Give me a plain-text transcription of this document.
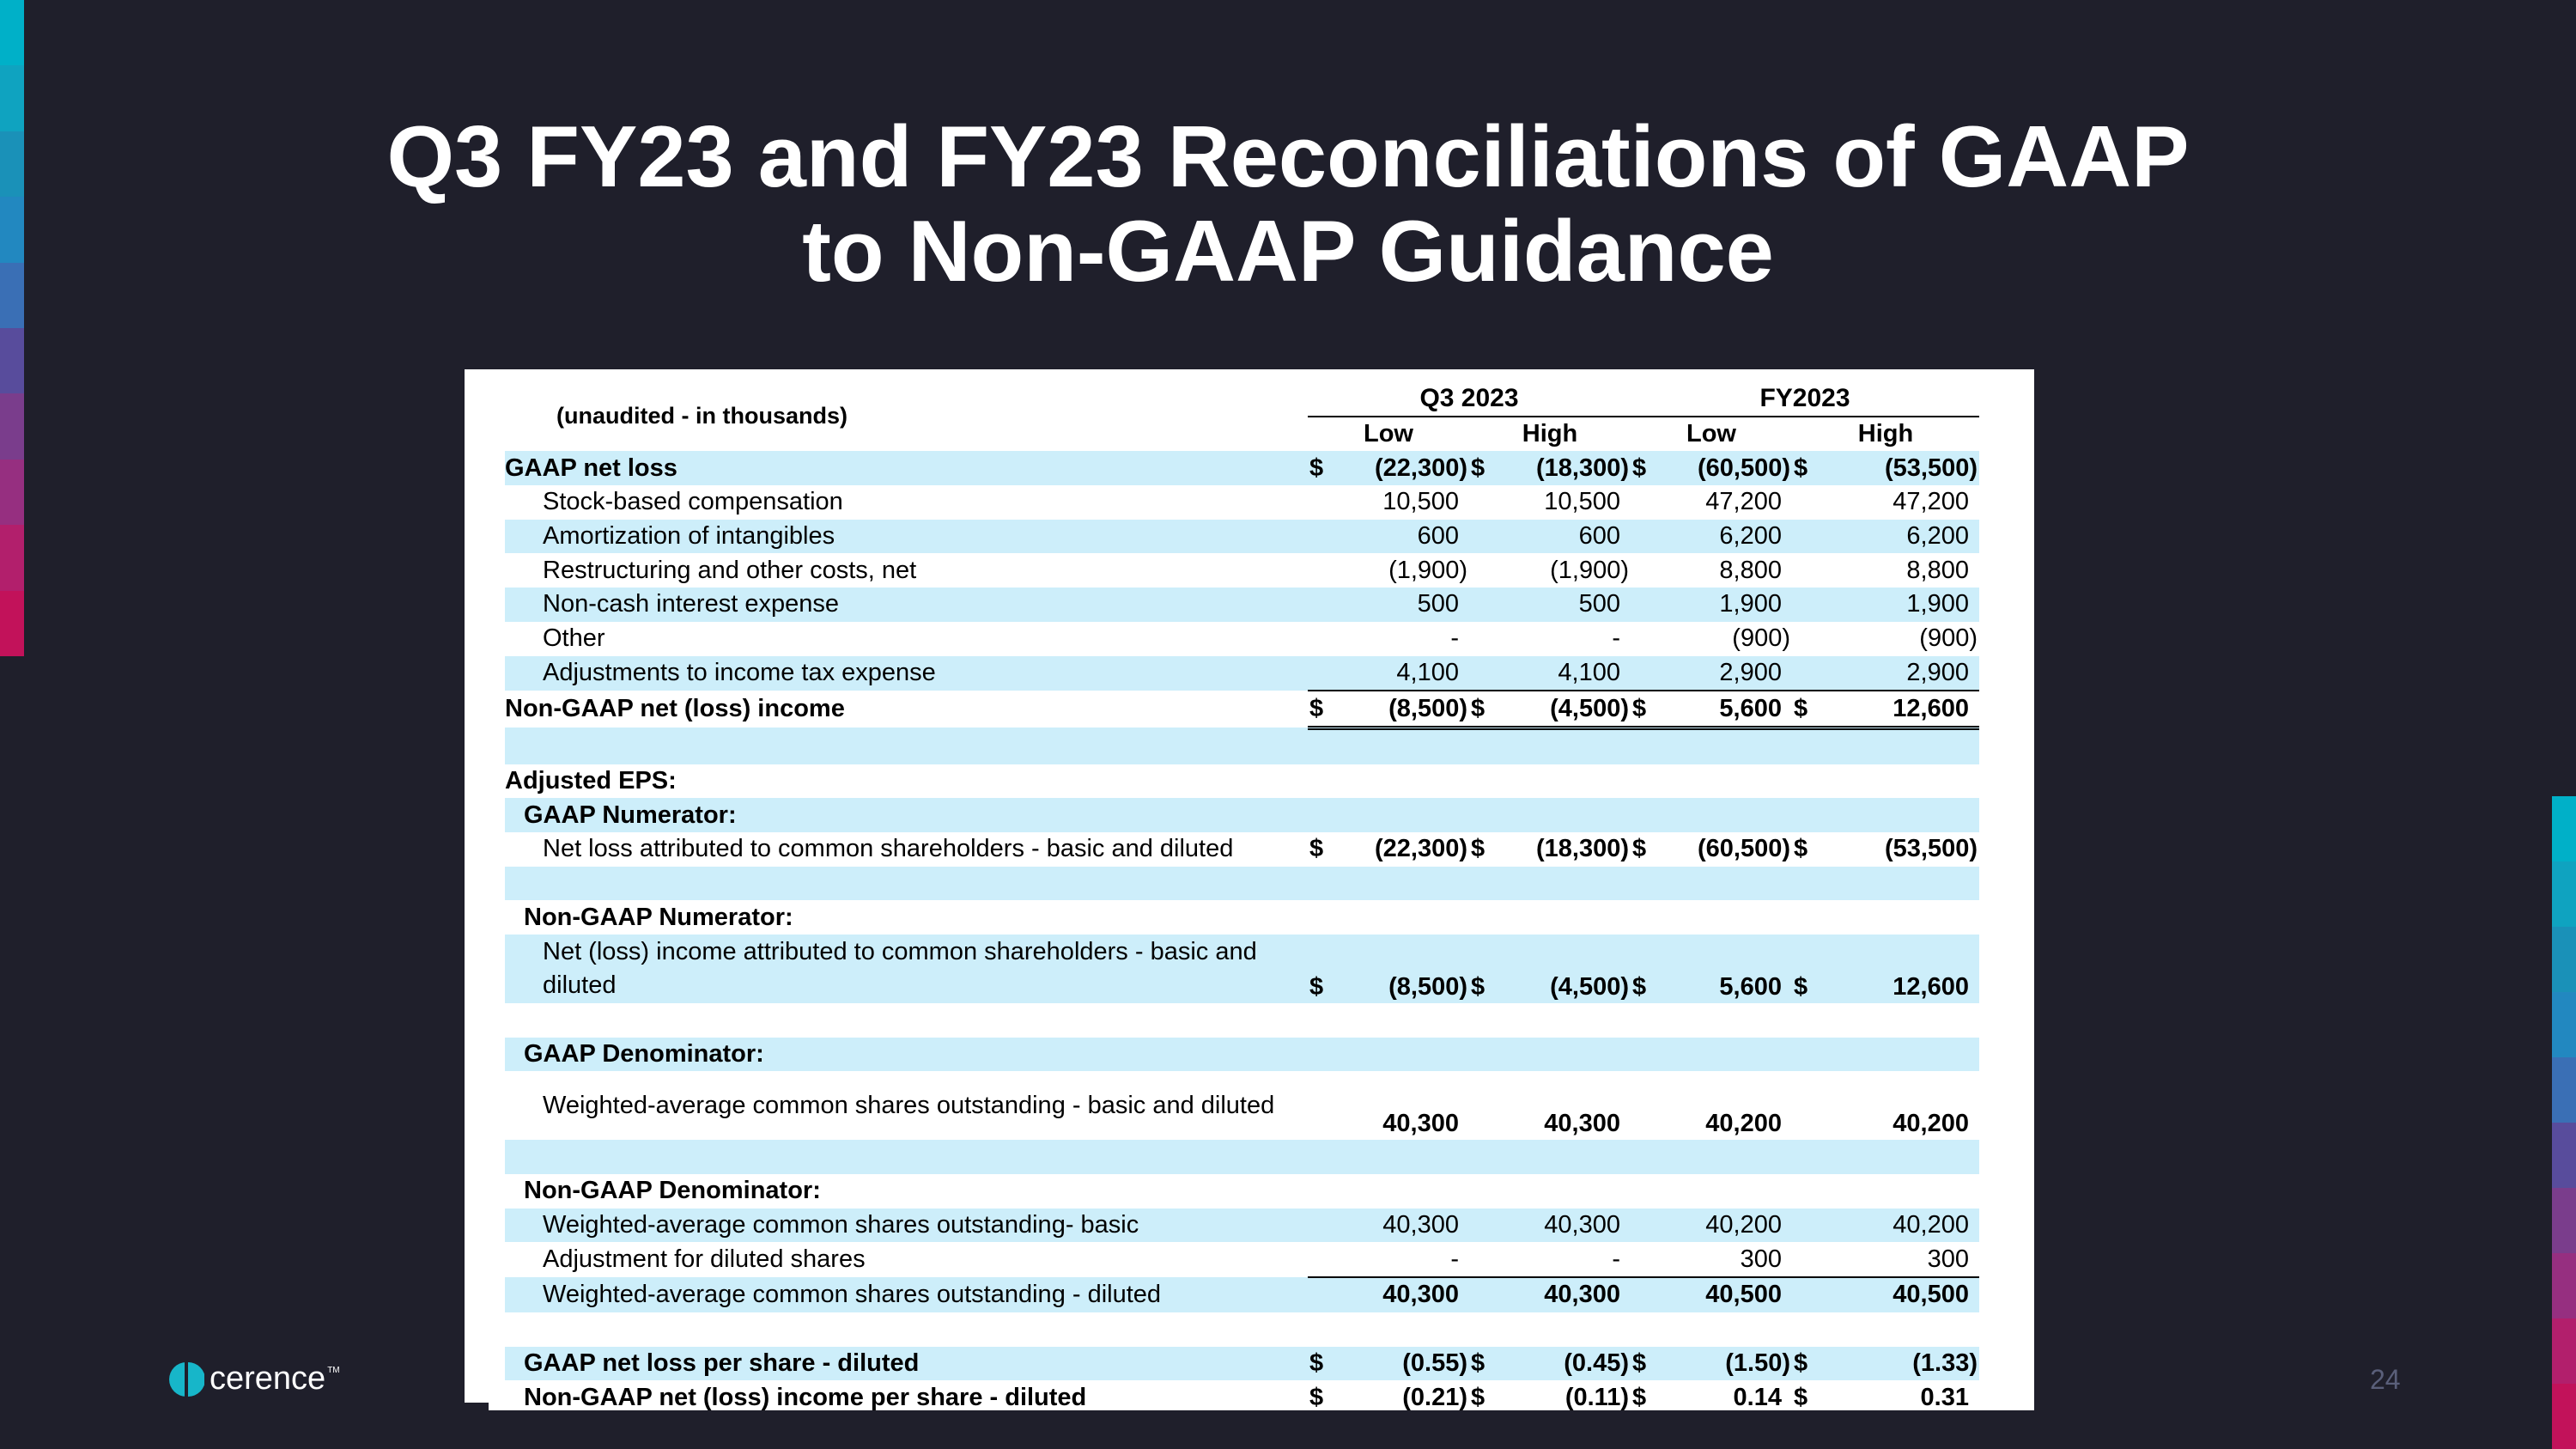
Q3 FY23 and FY23 Reconciliations of GAAP
to Non-GAAP Guidance
(unaudited - in thousands)	Q3 2023				FY2023			
	Low		High		Low		High	
GAAP net loss	$	(22,300)	$	(18,300)	$	(60,500)	$	(53,500)
Stock-based compensation		10,500		10,500		47,200		47,200
Amortization of intangibles		600		600		6,200		6,200
Restructuring and other costs, net		(1,900)		(1,900)		8,800		8,800
Non-cash interest expense		500		500		1,900		1,900
Other		-		-		(900)		(900)
Adjustments to income tax expense		4,100		4,100		2,900		2,900
Non-GAAP net (loss) income	$	(8,500)	$	(4,500)	$	5,600	$	12,600

Adjusted EPS:								
GAAP Numerator:								
Net loss attributed to common shareholders - basic and diluted	$	(22,300)	$	(18,300)	$	(60,500)	$	(53,500)

Non-GAAP Numerator:								
Net (loss) income attributed to common shareholders - basic and diluted	$	(8,500)	$	(4,500)	$	5,600	$	12,600

GAAP Denominator:								
Weighted-average common shares outstanding - basic and diluted		40,300		40,300		40,200		40,200

Non-GAAP Denominator:								
Weighted-average common shares outstanding- basic		40,300		40,300		40,200		40,200
Adjustment for diluted shares		-		-		300		300
Weighted-average common shares outstanding - diluted		40,300		40,300		40,500		40,500

GAAP net loss per share - diluted	$	(0.55)	$	(0.45)	$	(1.50)	$	(1.33)
Non-GAAP net (loss) income per share - diluted	$	(0.21)	$	(0.11)	$	0.14	$	0.31
cerence™	24
